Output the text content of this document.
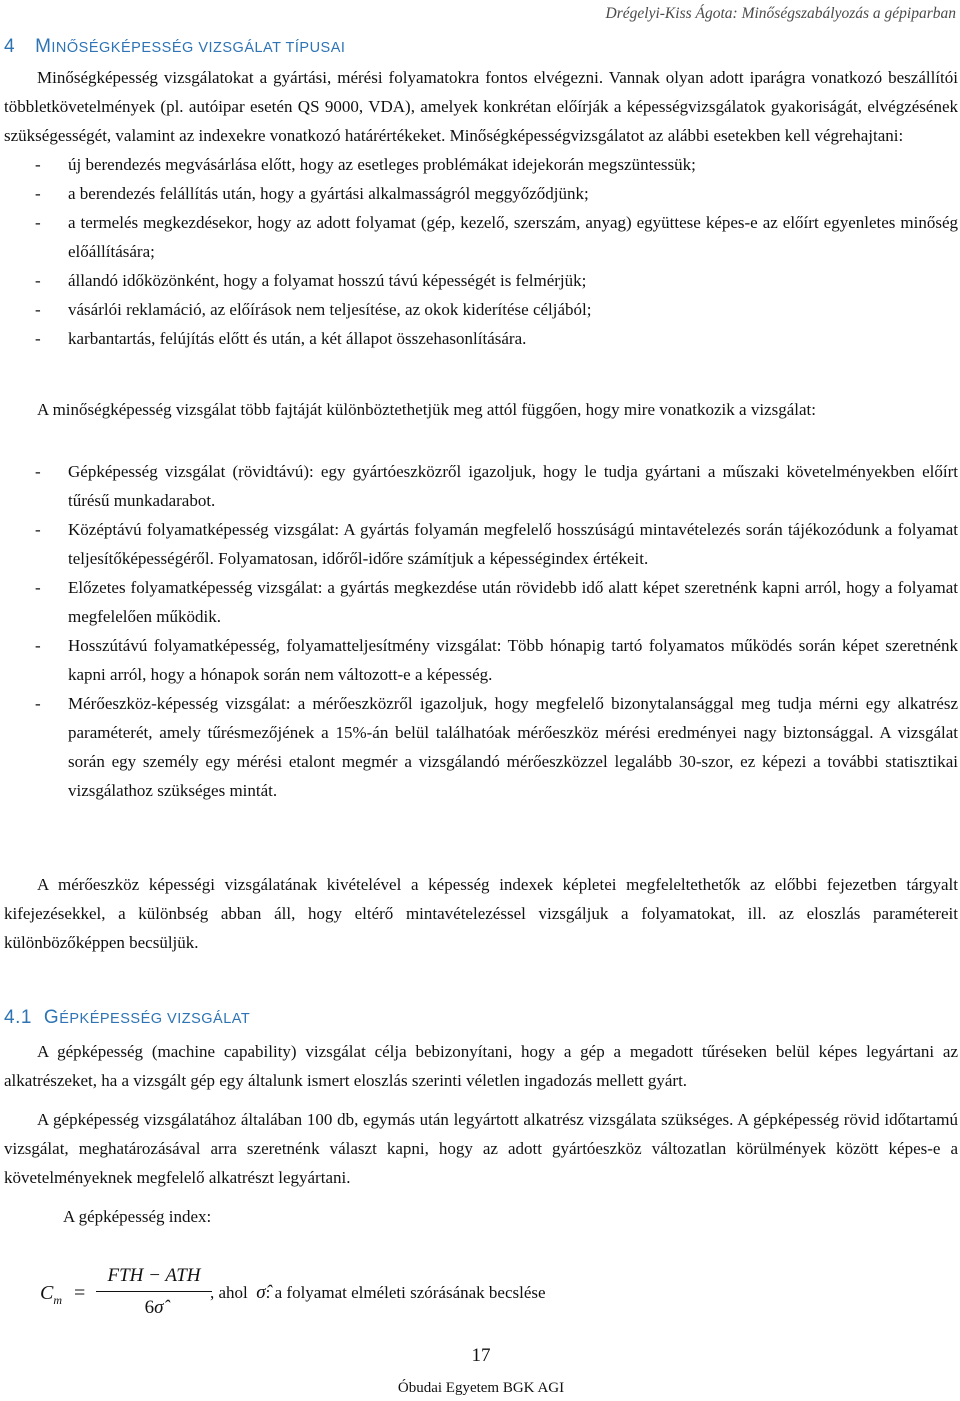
Drégelyi-Kiss Ágota: Minőségszabályozás a gépiparban
4 MINŐSÉGKÉPESSÉG VIZSGÁLAT TÍPUSAI

Minőségképesség vizsgálatokat a gyártási, mérési folyamatokra fontos elvégezni. Vannak olyan adott iparágra vonatkozó beszállítói többletkövetelmények (pl. autóipar esetén QS 9000, VDA), amelyek konkrétan előírják a képességvizsgálatok gyakoriságát, elvégzésének szükségességét, valamint az indexekre vonatkozó határértékeket. Minőségképességvizsgálatot az alábbi esetekben kell végrehajtani:

- új berendezés megvásárlása előtt, hogy az esetleges problémákat idejekorán megszüntessük;
- a berendezés felállítás után, hogy a gyártási alkalmasságról meggyőződjünk;
- a termelés megkezdésekor, hogy az adott folyamat (gép, kezelő, szerszám, anyag) együttese képes-e az előírt egyenletes minőség előállítására;
- állandó időközönként, hogy a folyamat hosszú távú képességét is felmérjük;
- vásárlói reklamáció, az előírások nem teljesítése, az okok kiderítése céljából;
- karbantartás, felújítás előtt és után, a két állapot összehasonlítására.

A minőségképesség vizsgálat több fajtáját különböztethetjük meg attól függően, hogy mire vonatkozik a vizsgálat:

- Gépképesség vizsgálat (rövidtávú): egy gyártóeszközről igazoljuk, hogy le tudja gyártani a műszaki követelményekben előírt tűrésű munkadarabot.
- Középtávú folyamatképesség vizsgálat: A gyártás folyamán megfelelő hosszúságú mintavételezés során tájékozódunk a folyamat teljesítőképességéről. Folyamatosan, időről-időre számítjuk a képességindex értékeit.
- Előzetes folyamatképesség vizsgálat: a gyártás megkezdése után rövidebb idő alatt képet szeretnénk kapni arról, hogy a folyamat megfelelően működik.
- Hosszútávú folyamatképesség, folyamatteljesítmény vizsgálat: Több hónapig tartó folyamatos működés során képet szeretnénk kapni arról, hogy a hónapok során nem változott-e a képesség.
- Mérőeszköz-képesség vizsgálat: a mérőeszközről igazoljuk, hogy megfelelő bizonytalansággal meg tudja mérni egy alkatrész paraméterét, amely tűrésmezőjének a 15%-án belül találhatóak mérőeszköz mérési eredményei nagy biztonsággal. A vizsgálat során egy személy egy mérési etalont megmér a vizsgálandó mérőeszközzel legalább 30-szor, ez képezi a további statisztikai vizsgálathoz szükséges mintát.

A mérőeszköz képességi vizsgálatának kivételével a képesség indexek képletei megfeleltethetők az előbbi fejezetben tárgyalt kifejezésekkel, a különbség abban áll, hogy eltérő mintavételezéssel vizsgáljuk a folyamatokat, ill. az eloszlás paramétereit különbözőképpen becsüljük.

4.1 GÉPKÉPESSÉG VIZSGÁLAT

A gépképesség (machine capability) vizsgálat célja bebizonyítani, hogy a gép a megadott tűréseken belül képes legyártani az alkatrészeket, ha a vizsgált gép egy általunk ismert eloszlás szerinti véletlen ingadozás mellett gyárt.

A gépképesség vizsgálatához általában 100 db, egymás után legyártott alkatrész vizsgálata szükséges. A gépképesség rövid időtartamú vizsgálat, meghatározásával arra szeretnénk választ kapni, hogy az adott gyártóeszköz változatlan körülmények között képes-e a követelményeknek megfelelő alkatrészt legyártani.

A gépképesség index:

$C_m$ =
FTH − ATH
6σ̂
, ahol σ̂: a folyamat elméleti szórásának becslése
17
Óbudai Egyetem BGK AGI
